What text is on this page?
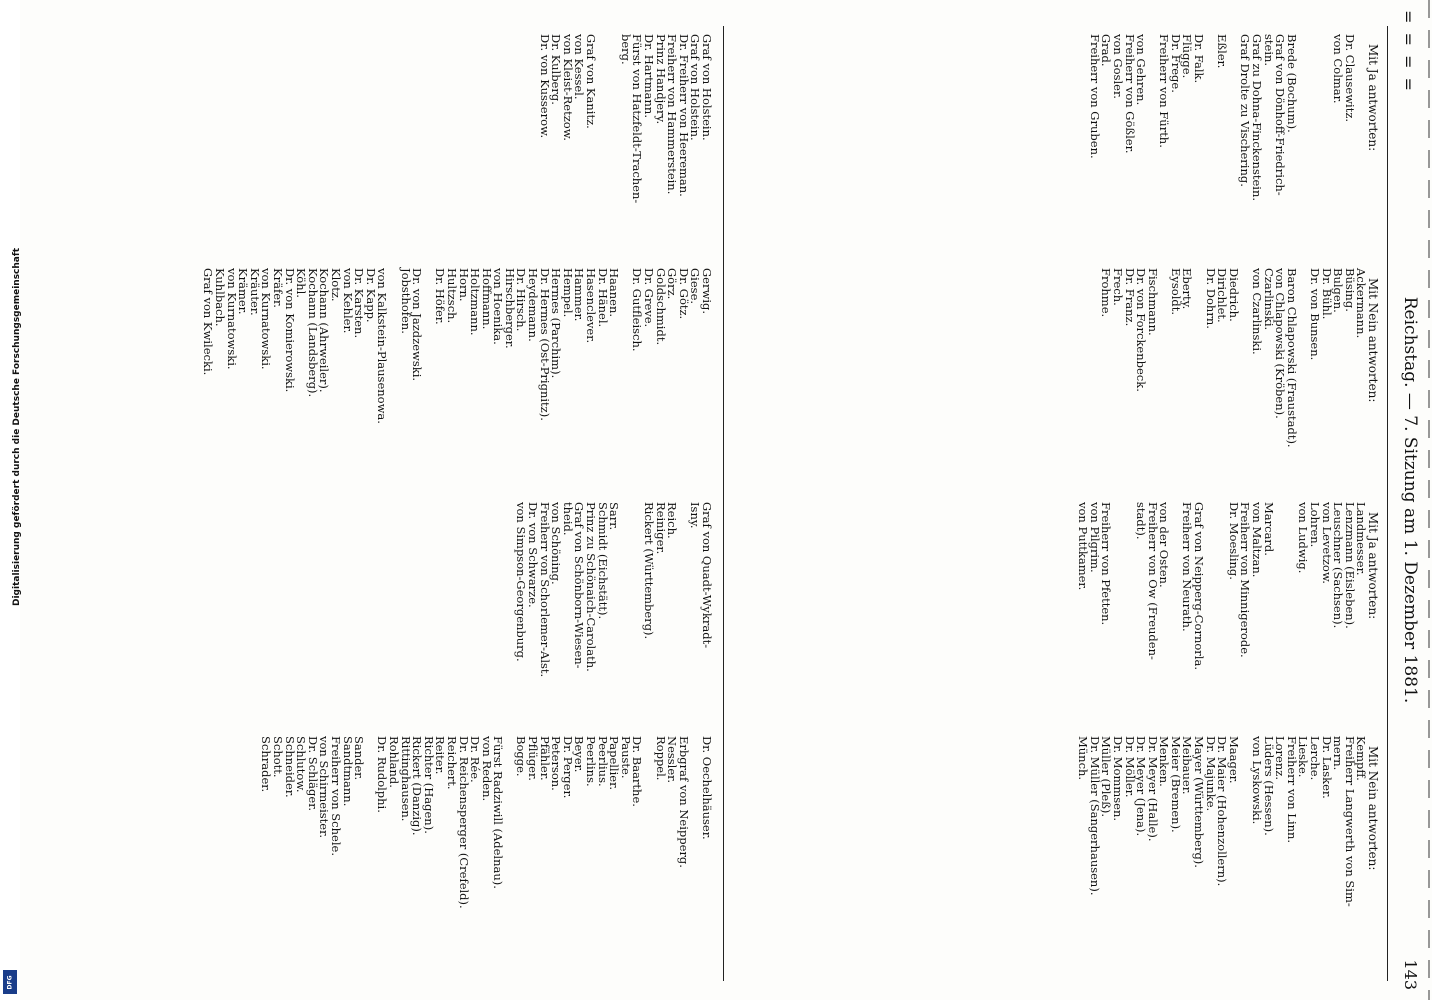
= = = =
Reichstag. — 7. Sitzung am 1. Dezember 1881.
143
Mit Ja antworten:

Dr. Clausewitz.
von Colmar.

Brede (Bochum).
Graf von Dönhoff-Friedrich-
stein.
Graf zu Dohna-Finckenstein.
Graf Drolte zu Vischering.

Eßler.

Dr. Falk.
Flügge.
Dr. Frege.
Freiherr von Fürth.

von Gehren.
Freiherr von Gößler.
von Gosler.
Grad.
Freiherr von Gruben.
Mit Nein antworten:
Ackermann.
Büsing.
Bulgen.
Dr. Bühl.
Dr. von Bunsen.

Baron Chlapowski (Fraustadt).
von Chlapowski (Kröben).
Czarlinski.
von Czarlinski.

Diedrich.
Dirichlet.
Dr. Dohrn.

Eberty.
Eysoldt.

Fischmann.
Dr. von Forckenbeck.
Dr. Franz.
Frech.
Frohme.
Mit Ja antworten:
Landmesser.
Lenzmann (Eisleben).
Leuschner (Sachsen).
von Levetzow.
Lohren.
von Ludwig.

Marcard.
von Maltzan.
Freiherr von Minnigerode.
Dr. Moesling.

Graf von Neipperg-Cornorla.
Freiherr von Neurath.

von der Osten.
Freiherr von Ow (Freuden-
stadt).

Freiherr von Pfetten.
von Pilgrim.
von Puttkamer.
Mit Nein antworten:
Kempff.
Freiherr Langwerth von Sim-
mern.
Dr. Lasker.
Lerche.
Lieske.
Freiherr von Linn.
Lorenz.
Lüders (Hessen).
von Lyskowski.

Maager.
Dr. Maier (Hohenzollern).
Dr. Majunke.
Mayer (Württemberg).
Meibauer.
Meier (Bremen).
Menken.
Dr. Meyer (Halle).
Dr. Meyer (Jena).
Dr. Möller.
Dr. Mommsen.
Müller (Pleß).
Dr. Müller (Sangerhausen).
Münch.
Graf von Holstein.
Graf von Holstein.
Dr. Freiherr von Heereman.
Freiherr von Hammerstein.
Prinz Handjery.
Dr. Hartmann.
Fürst von Hatzfeldt-Trachen-
berg.

Graf von Kanitz.
von Kessel.
von Kleist-Retzow.
Dr. Kulberg.
Dr. von Kusserow.
Gerwig.
Giese.
Dr. Götz.
Görz.
Goldschmidt.
Dr. Greve.
Dr. Gutfleisch.

Haanen.
Dr. Hänel.
Hasenclever.
Hammer.
Hempel.
Hermes (Parchim).
Dr. Hermes (Ost-Prignitz).
Heydemann.
Dr. Hirsch.
Hirschberger.
von Hoenika.
Hoffmann.
Holtzmann.
Horn.
Hultzsch.
Dr. Höfer.

Dr. von Jazdzewski.
Jobsthofen.

von Kalkstein-Plausenowa.
Dr. Kapp.
Dr. Karsten.
von Kehler.
Klotz.
Kochann (Ahrweiler).
Kochann (Landsberg).
Köhl.
Dr. von Komierowski.
Kräfer.
von Kurnatowski.
Kräuter.
Krämer.
von Kurnatowski.
Kuhlbach.
Graf von Kwilecki.
Graf von Quadt-Wykradt-
Isny.

Reich.
Reiniger.
Rickert (Württemberg).

Sarr.
Schmidt (Eichstätt).
Prinz zu Schönaich-Carolath.
Graf von Schönborn-Wiesen-
theid.
von Schöning.
Freiherr von Schorlemer-Alst.
Dr. von Schwarze.
von Simpson-Georgenburg.
Dr. Oechelhäuser.

Erbgraf von Neipperg.
Nessler.
Roppel.

Dr. Baarthe.
Pauste.
Papellier.
Peerlius.
Peerlins.
Beyer.
Dr. Perger.
Peterson.
Pfähler.
Pflüger.
Bogge.

Fürst Radziwill (Adelnau).
von Reden.
Dr. Rée.
Dr. Reichensperger (Crefeld).
Reichert.
Reiter.
Richter (Hagen).
Rickert (Danzig).
Rittinghausen.
Rohland.
Dr. Rudolphi.

Sander.
Sandtmann.
Freiherr von Schele.
von Schirmeister.
Dr. Schläger.
Schlutow.
Schneider.
Schott.
Schrader.
Digitalisierung gefördert durch die Deutsche Forschungsgemeinschaft
DFG
